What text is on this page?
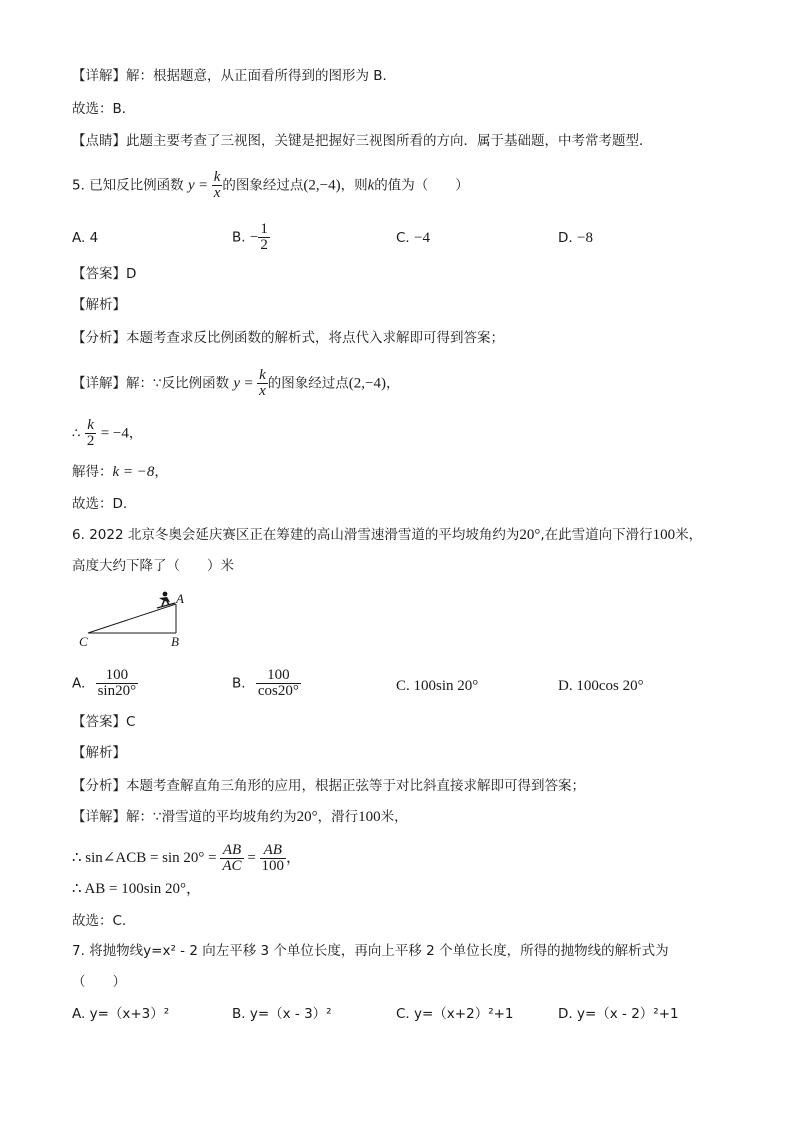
【详解】解：根据题意，从正面看所得到的图形为 B．
故选：B．
【点睛】此题主要考查了三视图，关键是把握好三视图所看的方向．属于基础题，中考常考题型．
5. 已知反比例函数 $y = \frac{k}{x}$ 的图象经过点(2,−4)，则k的值为（　　）
A. 4	B. − $\frac{1}{2}$	C. −4	D. −8
【答案】D
【解析】
【分析】本题考查求反比例函数的解析式，将点代入求解即可得到答案；
【详解】解：∵反比例函数 $y = \frac{k}{x}$ 的图象经过点(2,−4)，
∴ $\frac{k}{2} = -4$，
解得：k = −8，
故选：D．
6. 2022 北京冬奥会延庆赛区正在筹建的高山滑雪速滑雪道的平均坡角约为20°,在此雪道向下滑行100米，
高度大约下降了（　　）米
A
B
C
A. $\frac{100}{\sin 20^\circ}$	B. $\frac{100}{\cos 20^\circ}$	C. 100sin 20°	D. 100cos 20°
【答案】C
【解析】
【分析】本题考查解直角三角形的应用，根据正弦等于对比斜直接求解即可得到答案；
【详解】解：∵滑雪道的平均坡角约为20°，滑行100米，
∴ sin∠ACB = $\sin 20^\circ = \frac{AB}{AC} = \frac{AB}{100}$ ，
∴ AB = 100sin 20°，
故选：C．
7. 将抛物线y=x² - 2 向左平移 3 个单位长度，再向上平移 2 个单位长度，所得的抛物线的解析式为
（　　）
A. y=（x+3）²	B. y=（x - 3）²	C. y=（x+2）²+1	D. y=（x - 2）²+1
